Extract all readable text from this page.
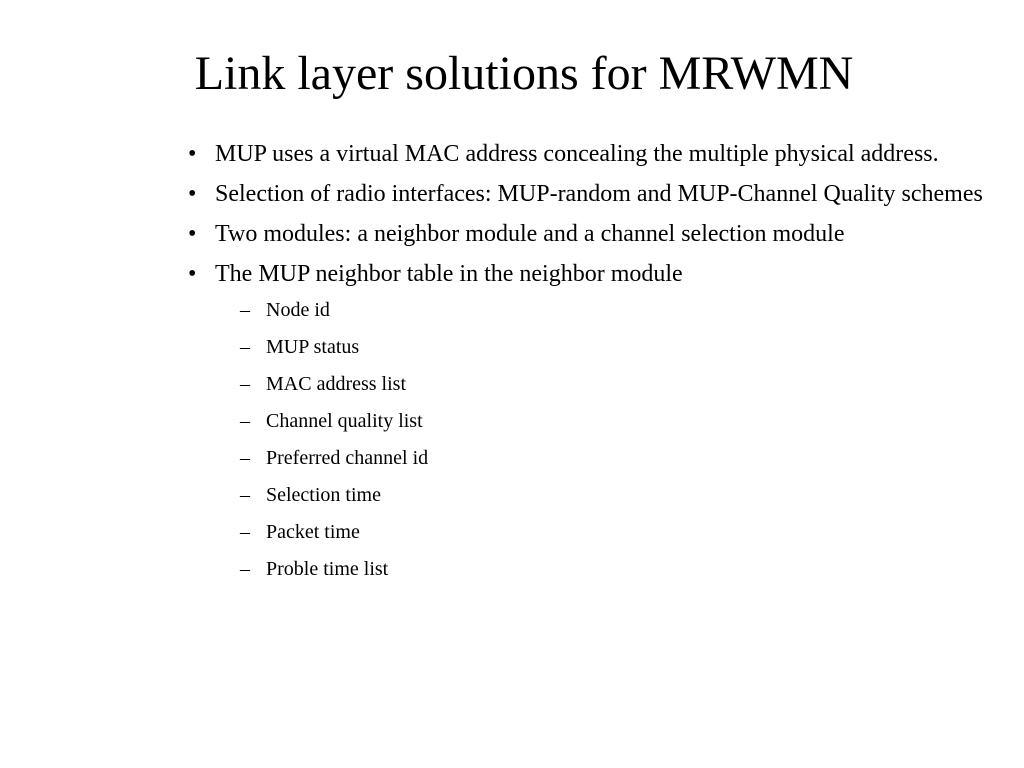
Link layer solutions for MRWMN
• MUP uses a virtual MAC address concealing the multiple physical address.
• Selection of radio interfaces: MUP-random and MUP-Channel Quality schemes
• Two modules: a neighbor module and a channel selection module
• The MUP neighbor table in the neighbor module
– Node id
– MUP status
– MAC address list
– Channel quality list
– Preferred channel id
– Selection time
– Packet time
– Proble time list
